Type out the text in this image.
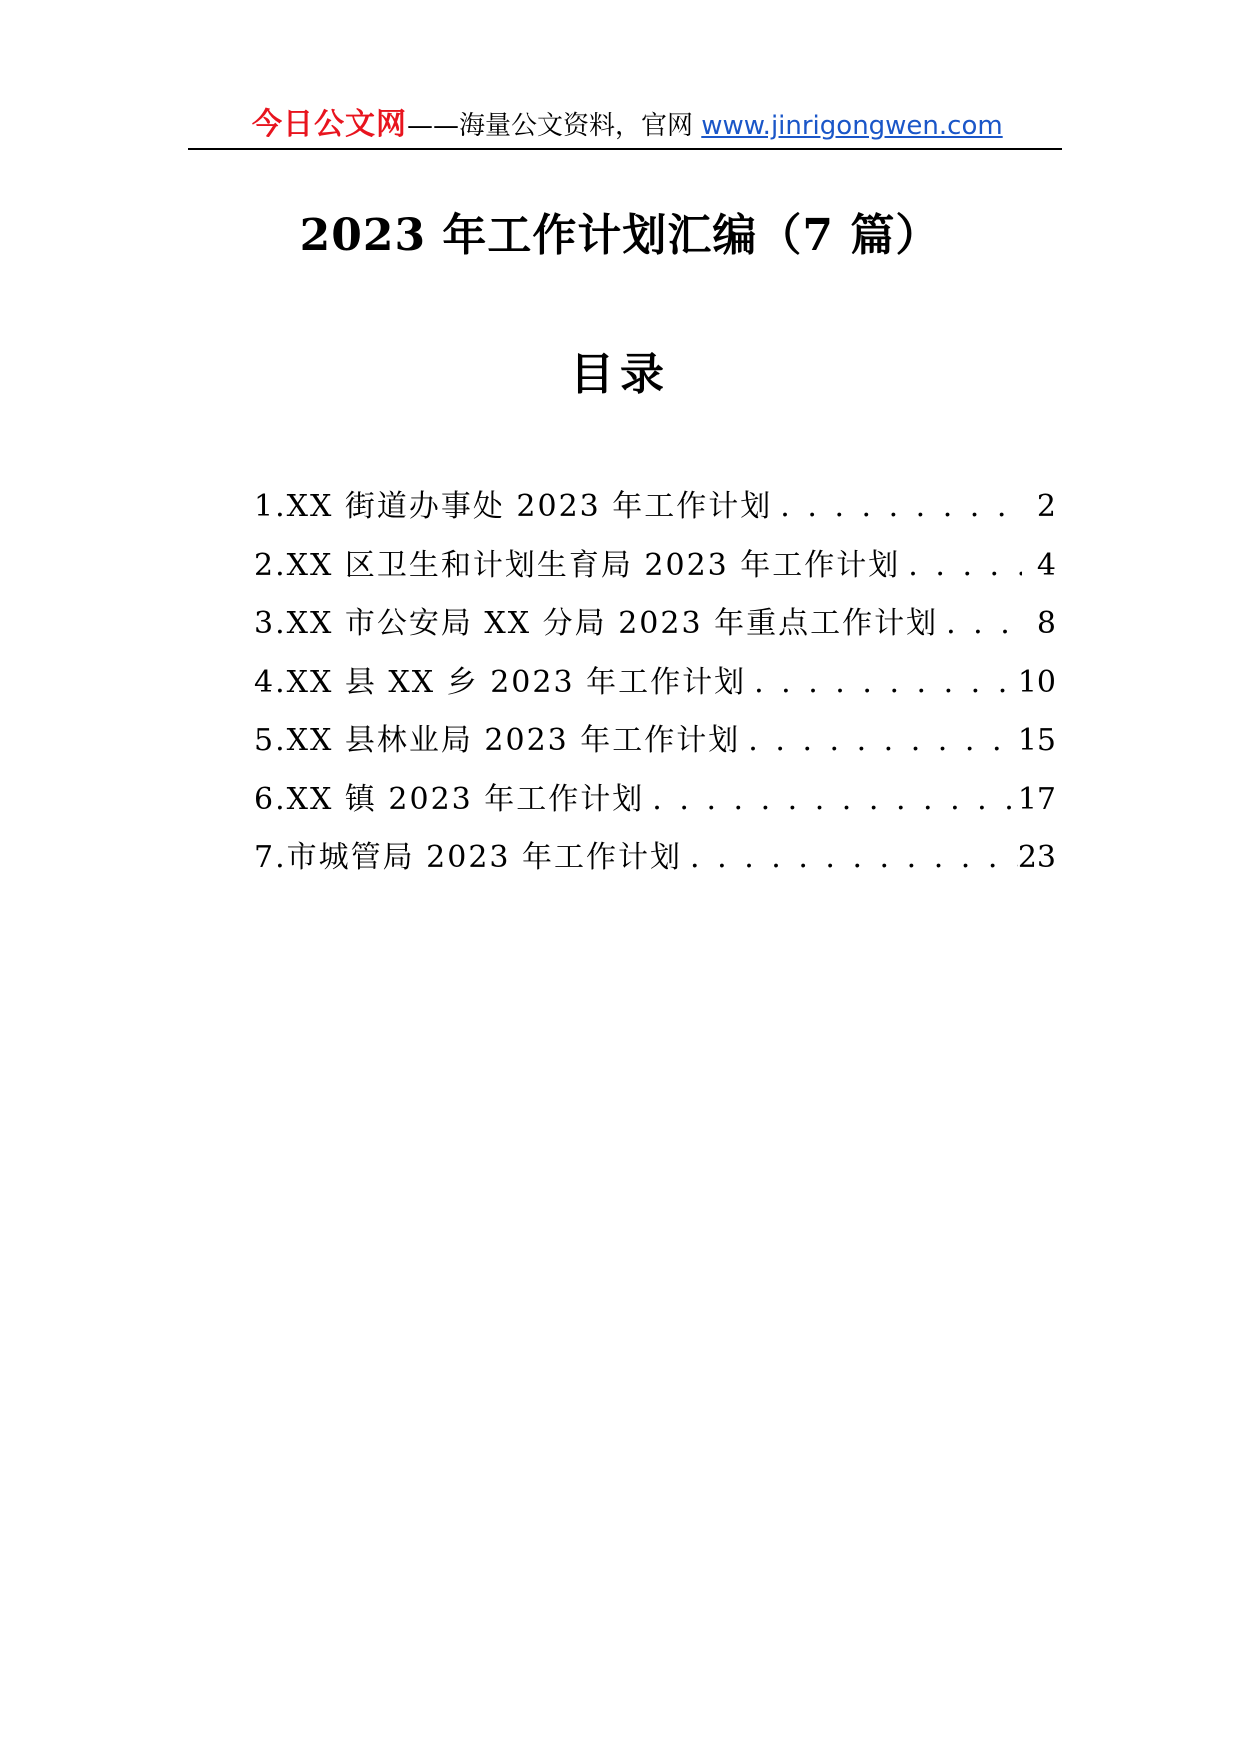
今日公文网——海量公文资料，官网 www.jinrigongwen.com
2023 年工作计划汇编（7 篇）
目录
1.XX 街道办事处 2023 年工作计划 . . .	2
2.XX 区卫生和计划生育局 2023 年工作计划 . . .	4
3.XX 市公安局 XX 分局 2023 年重点工作计划 . . .	8
4.XX 县 XX 乡 2023 年工作计划 . . .	10
5.XX 县林业局 2023 年工作计划 . . .	15
6.XX 镇 2023 年工作计划 . . .	17
7.市城管局 2023 年工作计划 . . .	23
